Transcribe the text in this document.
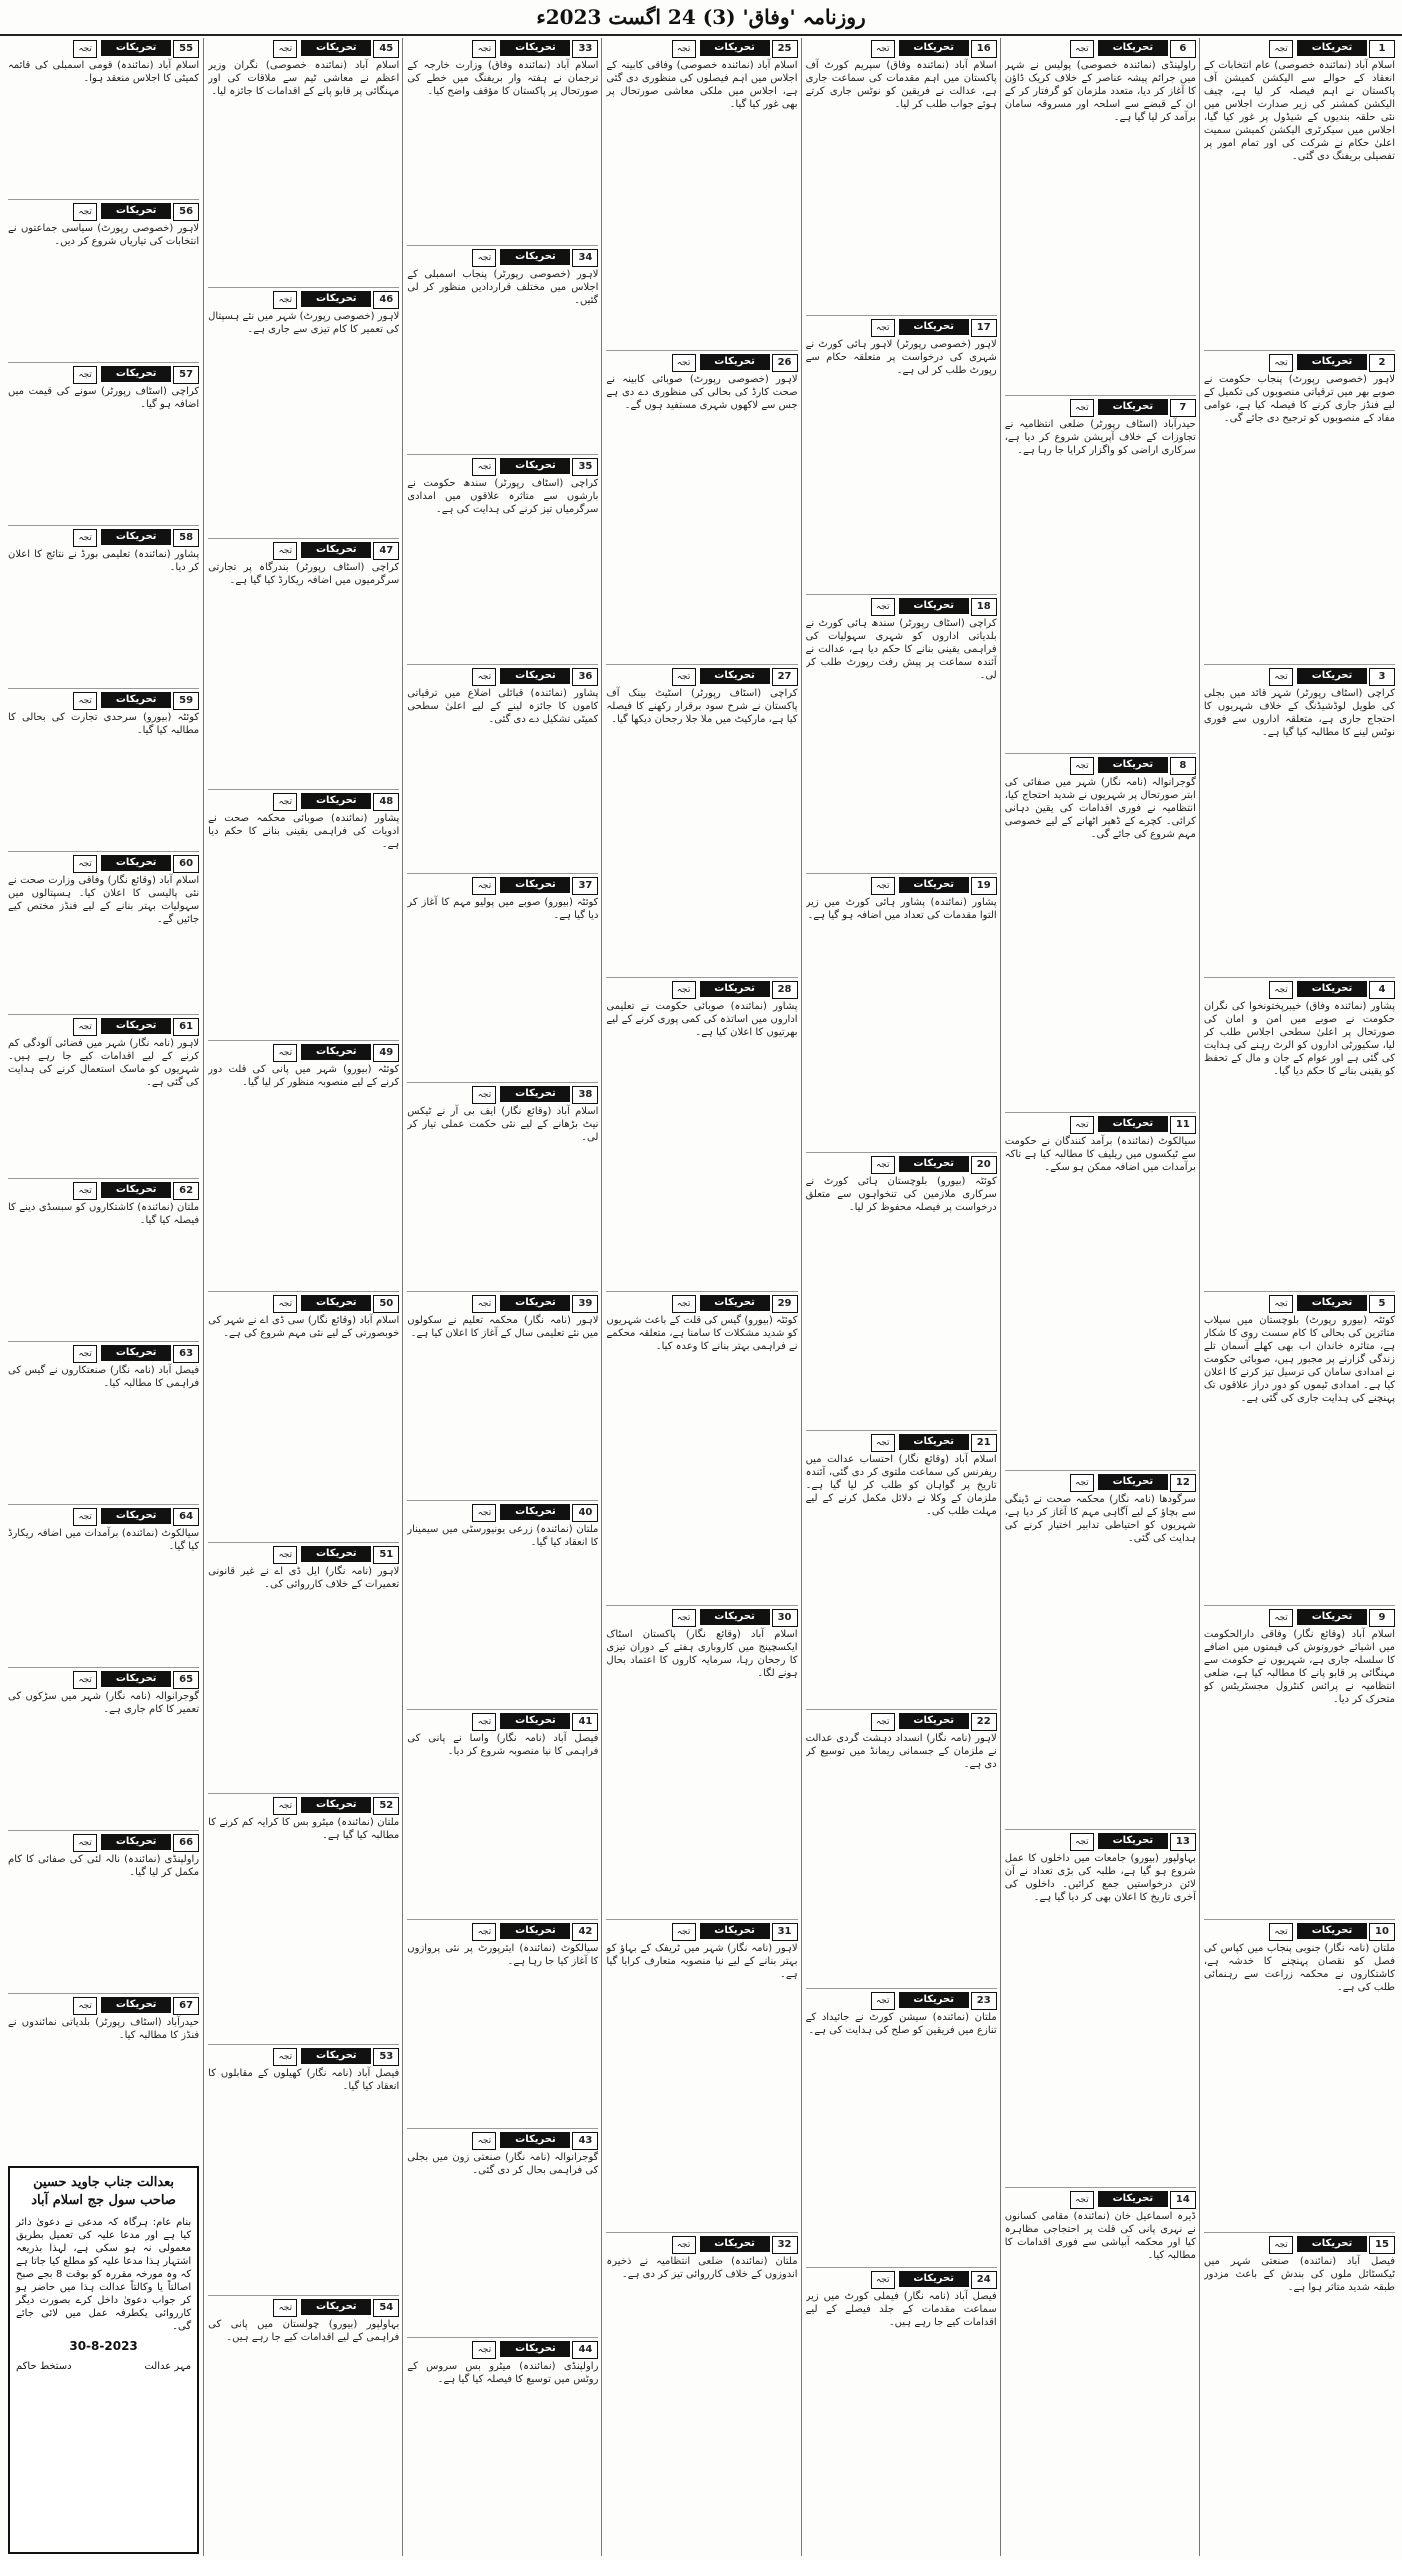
روزنامہ 'وفاق' (3) 24 اگست 2023ء
1
تحریکات
تجہ
اسلام آباد (نمائندہ خصوصی) عام انتخابات کے انعقاد کے حوالے سے الیکشن کمیشن آف پاکستان نے اہم فیصلہ کر لیا ہے، چیف الیکشن کمشنر کی زیر صدارت اجلاس میں نئی حلقہ بندیوں کے شیڈول پر غور کیا گیا، اجلاس میں سیکرٹری الیکشن کمیشن سمیت اعلیٰ حکام نے شرکت کی اور تمام امور پر تفصیلی بریفنگ دی گئی۔
2
تحریکات
تجہ
لاہور (خصوصی رپورٹ) پنجاب حکومت نے صوبے بھر میں ترقیاتی منصوبوں کی تکمیل کے لیے فنڈز جاری کرنے کا فیصلہ کیا ہے، عوامی مفاد کے منصوبوں کو ترجیح دی جائے گی۔
3
تحریکات
تجہ
کراچی (اسٹاف رپورٹر) شہر قائد میں بجلی کی طویل لوڈشیڈنگ کے خلاف شہریوں کا احتجاج جاری ہے، متعلقہ اداروں سے فوری نوٹس لینے کا مطالبہ کیا گیا ہے۔
4
تحریکات
تجہ
پشاور (نمائندہ وفاق) خیبرپختونخوا کی نگران حکومت نے صوبے میں امن و امان کی صورتحال پر اعلیٰ سطحی اجلاس طلب کر لیا، سکیورٹی اداروں کو الرٹ رہنے کی ہدایت کی گئی ہے اور عوام کے جان و مال کے تحفظ کو یقینی بنانے کا حکم دیا گیا۔
5
تحریکات
تجہ
کوئٹہ (بیورو رپورٹ) بلوچستان میں سیلاب متاثرین کی بحالی کا کام سست روی کا شکار ہے، متاثرہ خاندان اب بھی کھلے آسمان تلے زندگی گزارنے پر مجبور ہیں، صوبائی حکومت نے امدادی سامان کی ترسیل تیز کرنے کا اعلان کیا ہے۔ امدادی ٹیموں کو دور دراز علاقوں تک پہنچنے کی ہدایت جاری کی گئی ہے۔
9
تحریکات
تجہ
اسلام آباد (وقائع نگار) وفاقی دارالحکومت میں اشیائے خورونوش کی قیمتوں میں اضافے کا سلسلہ جاری ہے، شہریوں نے حکومت سے مہنگائی پر قابو پانے کا مطالبہ کیا ہے، ضلعی انتظامیہ نے پرائس کنٹرول مجسٹریٹس کو متحرک کر دیا۔
10
تحریکات
تجہ
ملتان (نامہ نگار) جنوبی پنجاب میں کپاس کی فصل کو نقصان پہنچنے کا خدشہ ہے، کاشتکاروں نے محکمہ زراعت سے رہنمائی طلب کی ہے۔
15
تحریکات
تجہ
فیصل آباد (نمائندہ) صنعتی شہر میں ٹیکسٹائل ملوں کی بندش کے باعث مزدور طبقہ شدید متاثر ہوا ہے۔
6
تحریکات
تجہ
راولپنڈی (نمائندہ خصوصی) پولیس نے شہر میں جرائم پیشہ عناصر کے خلاف کریک ڈاؤن کا آغاز کر دیا، متعدد ملزمان کو گرفتار کر کے ان کے قبضے سے اسلحہ اور مسروقہ سامان برآمد کر لیا گیا ہے۔
7
تحریکات
تجہ
حیدرآباد (اسٹاف رپورٹر) ضلعی انتظامیہ نے تجاوزات کے خلاف آپریشن شروع کر دیا ہے، سرکاری اراضی کو واگزار کرایا جا رہا ہے۔
8
تحریکات
تجہ
گوجرانوالہ (نامہ نگار) شہر میں صفائی کی ابتر صورتحال پر شہریوں نے شدید احتجاج کیا، انتظامیہ نے فوری اقدامات کی یقین دہانی کرائی۔ کچرے کے ڈھیر اٹھانے کے لیے خصوصی مہم شروع کی جائے گی۔
11
تحریکات
تجہ
سیالکوٹ (نمائندہ) برآمد کنندگان نے حکومت سے ٹیکسوں میں ریلیف کا مطالبہ کیا ہے تاکہ برآمدات میں اضافہ ممکن ہو سکے۔
12
تحریکات
تجہ
سرگودھا (نامہ نگار) محکمہ صحت نے ڈینگی سے بچاؤ کے لیے آگاہی مہم کا آغاز کر دیا ہے، شہریوں کو احتیاطی تدابیر اختیار کرنے کی ہدایت کی گئی۔
13
تحریکات
تجہ
بہاولپور (بیورو) جامعات میں داخلوں کا عمل شروع ہو گیا ہے، طلبہ کی بڑی تعداد نے آن لائن درخواستیں جمع کرائیں۔ داخلوں کی آخری تاریخ کا اعلان بھی کر دیا گیا ہے۔
14
تحریکات
تجہ
ڈیرہ اسماعیل خان (نمائندہ) مقامی کسانوں نے نہری پانی کی قلت پر احتجاجی مظاہرہ کیا اور محکمہ آبپاشی سے فوری اقدامات کا مطالبہ کیا۔
16
تحریکات
تجہ
اسلام آباد (نمائندہ وفاق) سپریم کورٹ آف پاکستان میں اہم مقدمات کی سماعت جاری ہے، عدالت نے فریقین کو نوٹس جاری کرتے ہوئے جواب طلب کر لیا۔
17
تحریکات
تجہ
لاہور (خصوصی رپورٹر) لاہور ہائی کورٹ نے شہری کی درخواست پر متعلقہ حکام سے رپورٹ طلب کر لی ہے۔
18
تحریکات
تجہ
کراچی (اسٹاف رپورٹر) سندھ ہائی کورٹ نے بلدیاتی اداروں کو شہری سہولیات کی فراہمی یقینی بنانے کا حکم دیا ہے، عدالت نے آئندہ سماعت پر پیش رفت رپورٹ طلب کر لی۔
19
تحریکات
تجہ
پشاور (نمائندہ) پشاور ہائی کورٹ میں زیر التوا مقدمات کی تعداد میں اضافہ ہو گیا ہے۔
20
تحریکات
تجہ
کوئٹہ (بیورو) بلوچستان ہائی کورٹ نے سرکاری ملازمین کی تنخواہوں سے متعلق درخواست پر فیصلہ محفوظ کر لیا۔
21
تحریکات
تجہ
اسلام آباد (وقائع نگار) احتساب عدالت میں ریفرنس کی سماعت ملتوی کر دی گئی، آئندہ تاریخ پر گواہان کو طلب کر لیا گیا ہے۔ ملزمان کے وکلا نے دلائل مکمل کرنے کے لیے مہلت طلب کی۔
22
تحریکات
تجہ
لاہور (نامہ نگار) انسداد دہشت گردی عدالت نے ملزمان کے جسمانی ریمانڈ میں توسیع کر دی ہے۔
23
تحریکات
تجہ
ملتان (نمائندہ) سیشن کورٹ نے جائیداد کے تنازع میں فریقین کو صلح کی ہدایت کی ہے۔
24
تحریکات
تجہ
فیصل آباد (نامہ نگار) فیملی کورٹ میں زیر سماعت مقدمات کے جلد فیصلے کے لیے اقدامات کیے جا رہے ہیں۔
25
تحریکات
تجہ
اسلام آباد (نمائندہ خصوصی) وفاقی کابینہ کے اجلاس میں اہم فیصلوں کی منظوری دی گئی ہے، اجلاس میں ملکی معاشی صورتحال پر بھی غور کیا گیا۔
26
تحریکات
تجہ
لاہور (خصوصی رپورٹ) صوبائی کابینہ نے صحت کارڈ کی بحالی کی منظوری دے دی ہے جس سے لاکھوں شہری مستفید ہوں گے۔
27
تحریکات
تجہ
کراچی (اسٹاف رپورٹر) اسٹیٹ بینک آف پاکستان نے شرح سود برقرار رکھنے کا فیصلہ کیا ہے، مارکیٹ میں ملا جلا رجحان دیکھا گیا۔
28
تحریکات
تجہ
پشاور (نمائندہ) صوبائی حکومت نے تعلیمی اداروں میں اساتذہ کی کمی پوری کرنے کے لیے بھرتیوں کا اعلان کیا ہے۔
29
تحریکات
تجہ
کوئٹہ (بیورو) گیس کی قلت کے باعث شہریوں کو شدید مشکلات کا سامنا ہے، متعلقہ محکمے نے فراہمی بہتر بنانے کا وعدہ کیا۔
30
تحریکات
تجہ
اسلام آباد (وقائع نگار) پاکستان اسٹاک ایکسچینج میں کاروباری ہفتے کے دوران تیزی کا رجحان رہا، سرمایہ کاروں کا اعتماد بحال ہونے لگا۔
31
تحریکات
تجہ
لاہور (نامہ نگار) شہر میں ٹریفک کے بہاؤ کو بہتر بنانے کے لیے نیا منصوبہ متعارف کرایا گیا ہے۔
32
تحریکات
تجہ
ملتان (نمائندہ) ضلعی انتظامیہ نے ذخیرہ اندوزوں کے خلاف کارروائی تیز کر دی ہے۔
33
تحریکات
تجہ
اسلام آباد (نمائندہ وفاق) وزارت خارجہ کے ترجمان نے ہفتہ وار بریفنگ میں خطے کی صورتحال پر پاکستان کا مؤقف واضح کیا۔
34
تحریکات
تجہ
لاہور (خصوصی رپورٹر) پنجاب اسمبلی کے اجلاس میں مختلف قراردادیں منظور کر لی گئیں۔
35
تحریکات
تجہ
کراچی (اسٹاف رپورٹر) سندھ حکومت نے بارشوں سے متاثرہ علاقوں میں امدادی سرگرمیاں تیز کرنے کی ہدایت کی ہے۔
36
تحریکات
تجہ
پشاور (نمائندہ) قبائلی اضلاع میں ترقیاتی کاموں کا جائزہ لینے کے لیے اعلیٰ سطحی کمیٹی تشکیل دے دی گئی۔
37
تحریکات
تجہ
کوئٹہ (بیورو) صوبے میں پولیو مہم کا آغاز کر دیا گیا ہے۔
38
تحریکات
تجہ
اسلام آباد (وقائع نگار) ایف بی آر نے ٹیکس نیٹ بڑھانے کے لیے نئی حکمت عملی تیار کر لی۔
39
تحریکات
تجہ
لاہور (نامہ نگار) محکمہ تعلیم نے سکولوں میں نئے تعلیمی سال کے آغاز کا اعلان کیا ہے۔
40
تحریکات
تجہ
ملتان (نمائندہ) زرعی یونیورسٹی میں سیمینار کا انعقاد کیا گیا۔
41
تحریکات
تجہ
فیصل آباد (نامہ نگار) واسا نے پانی کی فراہمی کا نیا منصوبہ شروع کر دیا۔
42
تحریکات
تجہ
سیالکوٹ (نمائندہ) ایئرپورٹ پر نئی پروازوں کا آغاز کیا جا رہا ہے۔
43
تحریکات
تجہ
گوجرانوالہ (نامہ نگار) صنعتی زون میں بجلی کی فراہمی بحال کر دی گئی۔
44
تحریکات
تجہ
راولپنڈی (نمائندہ) میٹرو بس سروس کے روٹس میں توسیع کا فیصلہ کیا گیا ہے۔
45
تحریکات
تجہ
اسلام آباد (نمائندہ خصوصی) نگران وزیر اعظم نے معاشی ٹیم سے ملاقات کی اور مہنگائی پر قابو پانے کے اقدامات کا جائزہ لیا۔
46
تحریکات
تجہ
لاہور (خصوصی رپورٹ) شہر میں نئے ہسپتال کی تعمیر کا کام تیزی سے جاری ہے۔
47
تحریکات
تجہ
کراچی (اسٹاف رپورٹر) بندرگاہ پر تجارتی سرگرمیوں میں اضافہ ریکارڈ کیا گیا ہے۔
48
تحریکات
تجہ
پشاور (نمائندہ) صوبائی محکمہ صحت نے ادویات کی فراہمی یقینی بنانے کا حکم دیا ہے۔
49
تحریکات
تجہ
کوئٹہ (بیورو) شہر میں پانی کی قلت دور کرنے کے لیے منصوبہ منظور کر لیا گیا۔
50
تحریکات
تجہ
اسلام آباد (وقائع نگار) سی ڈی اے نے شہر کی خوبصورتی کے لیے نئی مہم شروع کی ہے۔
51
تحریکات
تجہ
لاہور (نامہ نگار) ایل ڈی اے نے غیر قانونی تعمیرات کے خلاف کارروائی کی۔
52
تحریکات
تجہ
ملتان (نمائندہ) میٹرو بس کا کرایہ کم کرنے کا مطالبہ کیا گیا ہے۔
53
تحریکات
تجہ
فیصل آباد (نامہ نگار) کھیلوں کے مقابلوں کا انعقاد کیا گیا۔
54
تحریکات
تجہ
بہاولپور (بیورو) چولستان میں پانی کی فراہمی کے لیے اقدامات کیے جا رہے ہیں۔
55
تحریکات
تجہ
اسلام آباد (نمائندہ) قومی اسمبلی کی قائمہ کمیٹی کا اجلاس منعقد ہوا۔
56
تحریکات
تجہ
لاہور (خصوصی رپورٹ) سیاسی جماعتوں نے انتخابات کی تیاریاں شروع کر دیں۔
57
تحریکات
تجہ
کراچی (اسٹاف رپورٹر) سونے کی قیمت میں اضافہ ہو گیا۔
58
تحریکات
تجہ
پشاور (نمائندہ) تعلیمی بورڈ نے نتائج کا اعلان کر دیا۔
59
تحریکات
تجہ
کوئٹہ (بیورو) سرحدی تجارت کی بحالی کا مطالبہ کیا گیا۔
60
تحریکات
تجہ
اسلام آباد (وقائع نگار) وفاقی وزارت صحت نے نئی پالیسی کا اعلان کیا۔ ہسپتالوں میں سہولیات بہتر بنانے کے لیے فنڈز مختص کیے جائیں گے۔
61
تحریکات
تجہ
لاہور (نامہ نگار) شہر میں فضائی آلودگی کم کرنے کے لیے اقدامات کیے جا رہے ہیں۔ شہریوں کو ماسک استعمال کرنے کی ہدایت کی گئی ہے۔
62
تحریکات
تجہ
ملتان (نمائندہ) کاشتکاروں کو سبسڈی دینے کا فیصلہ کیا گیا۔
63
تحریکات
تجہ
فیصل آباد (نامہ نگار) صنعتکاروں نے گیس کی فراہمی کا مطالبہ کیا۔
64
تحریکات
تجہ
سیالکوٹ (نمائندہ) برآمدات میں اضافہ ریکارڈ کیا گیا۔
65
تحریکات
تجہ
گوجرانوالہ (نامہ نگار) شہر میں سڑکوں کی تعمیر کا کام جاری ہے۔
66
تحریکات
تجہ
راولپنڈی (نمائندہ) نالہ لئی کی صفائی کا کام مکمل کر لیا گیا۔
67
تحریکات
تجہ
حیدرآباد (اسٹاف رپورٹر) بلدیاتی نمائندوں نے فنڈز کا مطالبہ کیا۔
بعدالت جناب جاوید حسین صاحب سول جج اسلام آباد
بنام عام: ہرگاہ کہ مدعی نے دعویٰ دائر کیا ہے اور مدعا علیہ کی تعمیل بطریق معمولی نہ ہو سکی ہے، لہذا بذریعہ اشتہار ہذا مدعا علیہ کو مطلع کیا جاتا ہے کہ وہ مورخہ مقررہ کو بوقت 8 بجے صبح اصالتاً یا وکالتاً عدالت ہذا میں حاضر ہو کر جواب دعویٰ داخل کرے بصورت دیگر کارروائی یکطرفہ عمل میں لائی جائے گی۔
30-8-2023
مہر عدالت
دستخط حاکم
